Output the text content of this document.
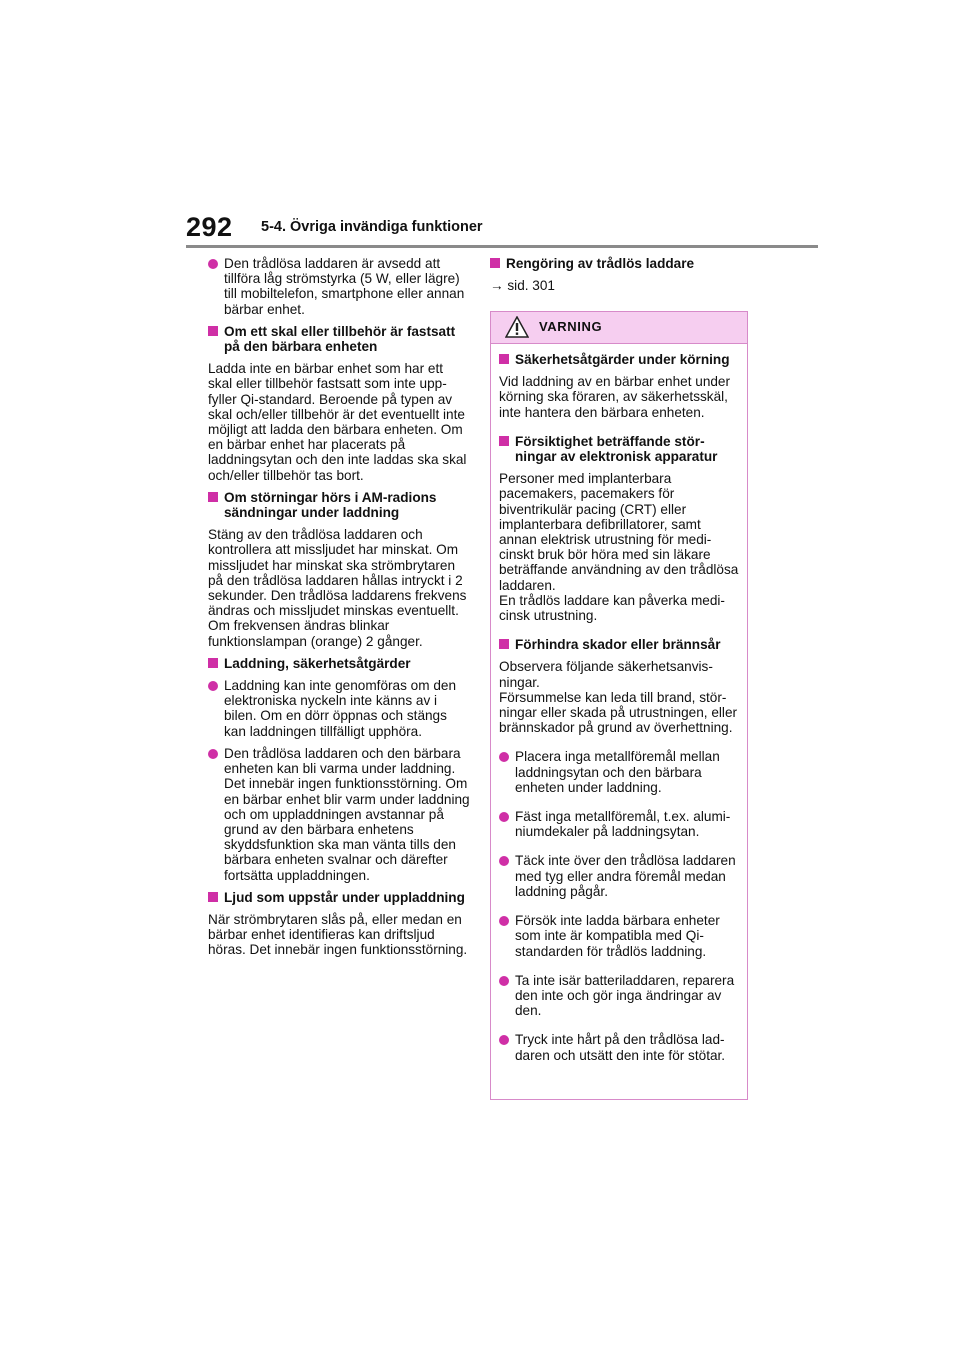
292 5-4. Övriga invändiga funktioner
Den trådlösa laddaren är avsedd att tillföra låg strömstyrka (5 W, eller lägre) till mobiltelefon, smartphone eller annan bärbar enhet.
Om ett skal eller tillbehör är fastsatt på den bärbara enheten
Ladda inte en bärbar enhet som har ett skal eller tillbehör fastsatt som inte uppfyller Qi-standard. Beroende på typen av skal och/eller tillbehör är det eventuellt inte möjligt att ladda den bärbara enheten. Om en bärbar enhet har placerats på laddningsytan och den inte laddas ska skal och/eller tillbehör tas bort.
Om störningar hörs i AM-radions sändningar under laddning
Stäng av den trådlösa laddaren och kontrollera att missljudet har minskat. Om missljudet har minskat ska strömbrytaren på den trådlösa laddaren hållas intryckt i 2 sekunder. Den trådlösa laddarens frekvens ändras och missljudet minskas eventuellt. Om frekvensen ändras blinkar funktionslampan (orange) 2 gånger.
Laddning, säkerhetsåtgärder
Laddning kan inte genomföras om den elektroniska nyckeln inte känns av i bilen. Om en dörr öppnas och stängs kan laddningen tillfälligt upphöra.
Den trådlösa laddaren och den bärbara enheten kan bli varma under laddning.
Det innebär ingen funktionsstörning. Om en bärbar enhet blir varm under laddning och om uppladdningen avstannar på grund av den bärbara enhetens skyddsfunktion ska man vänta tills den bärbara enheten svalnar och därefter fortsätta uppladdningen.
Ljud som uppstår under uppladdning
När strömbrytaren slås på, eller medan en bärbar enhet identifieras kan driftsljud höras. Det innebär ingen funktionsstörning.
Rengöring av trådlös laddare
→ sid. 301
VARNING
Säkerhetsåtgärder under körning
Vid laddning av en bärbar enhet under körning ska föraren, av säkerhetsskäl, inte hantera den bärbara enheten.
Försiktighet beträffande störningar av elektronisk apparatur
Personer med implanterbara pacemakers, pacemakers för biventrikulär pacing (CRT) eller implanterbara defibrillatorer, samt annan elektrisk utrustning för medicinskt bruk bör höra med sin läkare beträffande användning av den trådlösa laddaren.
En trådlös laddare kan påverka medicinsk utrustning.
Förhindra skador eller brännsår
Observera följande säkerhetsanvisningar.
Försummelse kan leda till brand, störningar eller skada på utrustningen, eller brännskador på grund av överhettning.
Placera inga metallföremål mellan laddningsytan och den bärbara enheten under laddning.
Fäst inga metallföremål, t.ex. aluminiumdekaler på laddningsytan.
Täck inte över den trådlösa laddaren med tyg eller andra föremål medan laddning pågår.
Försök inte ladda bärbara enheter som inte är kompatibla med Qi-standarden för trådlös laddning.
Ta inte isär batteriladdaren, reparera den inte och gör inga ändringar av den.
Tryck inte hårt på den trådlösa laddaren och utsätt den inte för stötar.
